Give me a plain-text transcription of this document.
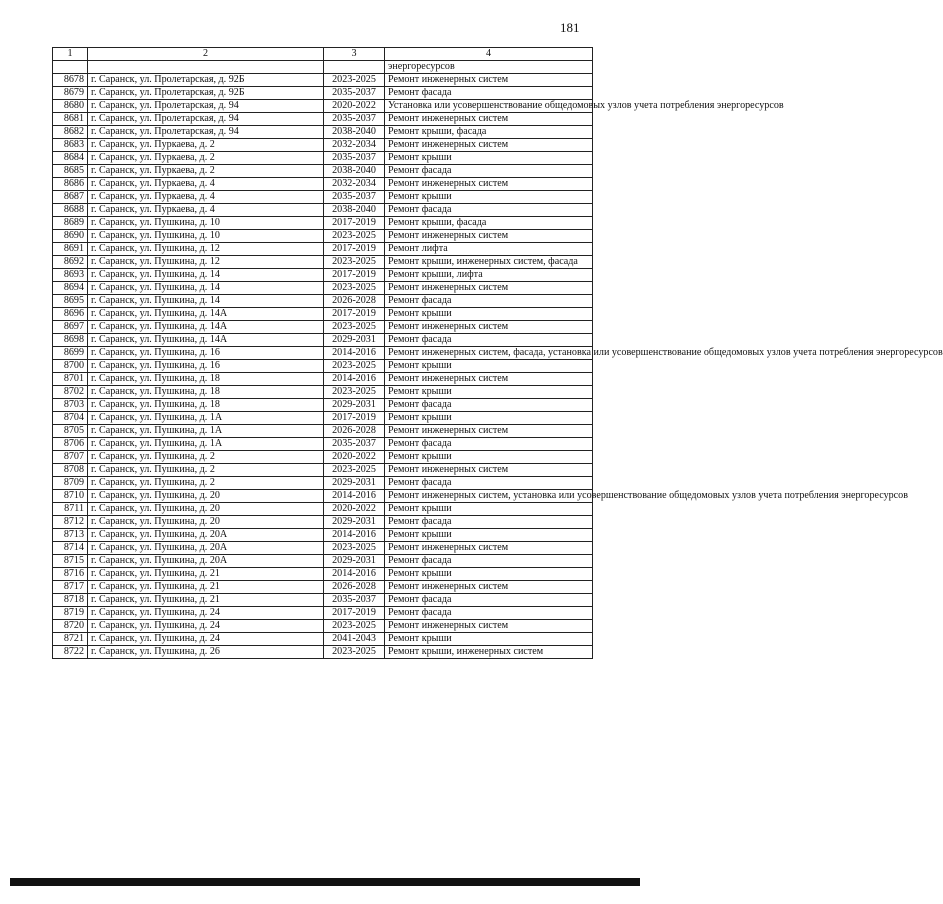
181
1	2	3	4
			энергоресурсов
8678	г. Саранск, ул. Пролетарская, д. 92Б	2023-2025	Ремонт инженерных систем
8679	г. Саранск, ул. Пролетарская, д. 92Б	2035-2037	Ремонт фасада
8680	г. Саранск, ул. Пролетарская, д. 94	2020-2022	Установка или усовершенствование общедомовых узлов учета потребления энергоресурсов
8681	г. Саранск, ул. Пролетарская, д. 94	2035-2037	Ремонт инженерных систем
8682	г. Саранск, ул. Пролетарская, д. 94	2038-2040	Ремонт крыши, фасада
8683	г. Саранск, ул. Пуркаева, д. 2	2032-2034	Ремонт инженерных систем
8684	г. Саранск, ул. Пуркаева, д. 2	2035-2037	Ремонт крыши
8685	г. Саранск, ул. Пуркаева, д. 2	2038-2040	Ремонт фасада
8686	г. Саранск, ул. Пуркаева, д. 4	2032-2034	Ремонт инженерных систем
8687	г. Саранск, ул. Пуркаева, д. 4	2035-2037	Ремонт крыши
8688	г. Саранск, ул. Пуркаева, д. 4	2038-2040	Ремонт фасада
8689	г. Саранск, ул. Пушкина, д. 10	2017-2019	Ремонт крыши, фасада
8690	г. Саранск, ул. Пушкина, д. 10	2023-2025	Ремонт инженерных систем
8691	г. Саранск, ул. Пушкина, д. 12	2017-2019	Ремонт лифта
8692	г. Саранск, ул. Пушкина, д. 12	2023-2025	Ремонт крыши, инженерных систем, фасада
8693	г. Саранск, ул. Пушкина, д. 14	2017-2019	Ремонт крыши, лифта
8694	г. Саранск, ул. Пушкина, д. 14	2023-2025	Ремонт инженерных систем
8695	г. Саранск, ул. Пушкина, д. 14	2026-2028	Ремонт фасада
8696	г. Саранск, ул. Пушкина, д. 14А	2017-2019	Ремонт крыши
8697	г. Саранск, ул. Пушкина, д. 14А	2023-2025	Ремонт инженерных систем
8698	г. Саранск, ул. Пушкина, д. 14А	2029-2031	Ремонт фасада
8699	г. Саранск, ул. Пушкина, д. 16	2014-2016	Ремонт инженерных систем, фасада, установка или усовершенствование общедомовых узлов учета потребления энергоресурсов
8700	г. Саранск, ул. Пушкина, д. 16	2023-2025	Ремонт крыши
8701	г. Саранск, ул. Пушкина, д. 18	2014-2016	Ремонт инженерных систем
8702	г. Саранск, ул. Пушкина, д. 18	2023-2025	Ремонт крыши
8703	г. Саранск, ул. Пушкина, д. 18	2029-2031	Ремонт фасада
8704	г. Саранск, ул. Пушкина, д. 1А	2017-2019	Ремонт крыши
8705	г. Саранск, ул. Пушкина, д. 1А	2026-2028	Ремонт инженерных систем
8706	г. Саранск, ул. Пушкина, д. 1А	2035-2037	Ремонт фасада
8707	г. Саранск, ул. Пушкина, д. 2	2020-2022	Ремонт крыши
8708	г. Саранск, ул. Пушкина, д. 2	2023-2025	Ремонт инженерных систем
8709	г. Саранск, ул. Пушкина, д. 2	2029-2031	Ремонт фасада
8710	г. Саранск, ул. Пушкина, д. 20	2014-2016	Ремонт инженерных систем, установка или усовершенствование общедомовых узлов учета потребления энергоресурсов
8711	г. Саранск, ул. Пушкина, д. 20	2020-2022	Ремонт крыши
8712	г. Саранск, ул. Пушкина, д. 20	2029-2031	Ремонт фасада
8713	г. Саранск, ул. Пушкина, д. 20А	2014-2016	Ремонт крыши
8714	г. Саранск, ул. Пушкина, д. 20А	2023-2025	Ремонт инженерных систем
8715	г. Саранск, ул. Пушкина, д. 20А	2029-2031	Ремонт фасада
8716	г. Саранск, ул. Пушкина, д. 21	2014-2016	Ремонт крыши
8717	г. Саранск, ул. Пушкина, д. 21	2026-2028	Ремонт инженерных систем
8718	г. Саранск, ул. Пушкина, д. 21	2035-2037	Ремонт фасада
8719	г. Саранск, ул. Пушкина, д. 24	2017-2019	Ремонт фасада
8720	г. Саранск, ул. Пушкина, д. 24	2023-2025	Ремонт инженерных систем
8721	г. Саранск, ул. Пушкина, д. 24	2041-2043	Ремонт крыши
8722	г. Саранск, ул. Пушкина, д. 26	2023-2025	Ремонт крыши, инженерных систем
